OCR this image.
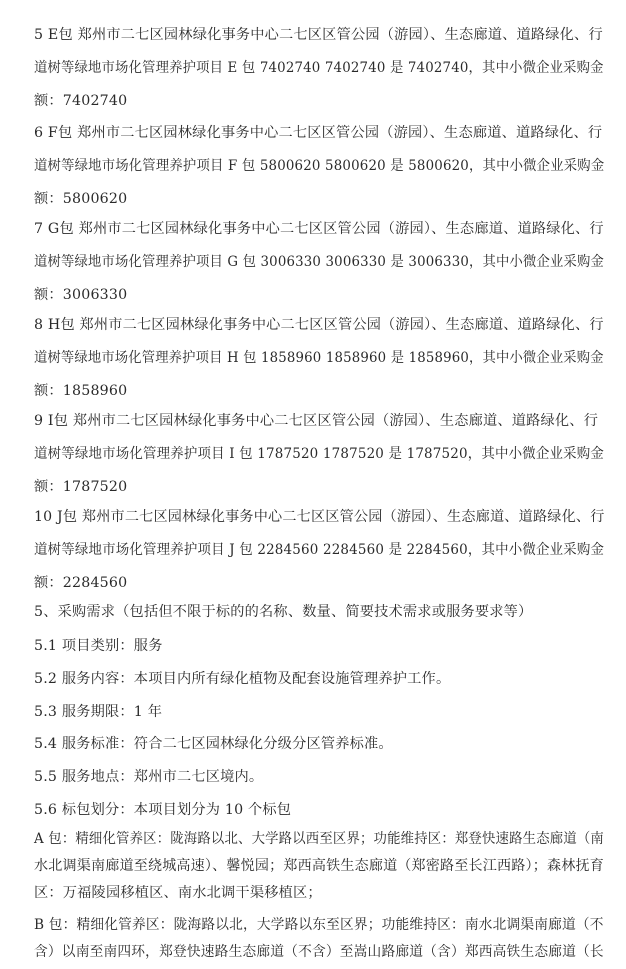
5 E包 郑州市二七区园林绿化事务中心二七区区管公园（游园）、生态廊道、道路绿化、行
道树等绿地市场化管理养护项目 E 包 7402740 7402740 是 7402740，其中小微企业采购金
额：7402740
6 F包 郑州市二七区园林绿化事务中心二七区区管公园（游园）、生态廊道、道路绿化、行
道树等绿地市场化管理养护项目 F 包 5800620 5800620 是 5800620，其中小微企业采购金
额：5800620
7 G包 郑州市二七区园林绿化事务中心二七区区管公园（游园）、生态廊道、道路绿化、行
道树等绿地市场化管理养护项目 G 包 3006330 3006330 是 3006330，其中小微企业采购金
额：3006330
8 H包 郑州市二七区园林绿化事务中心二七区区管公园（游园）、生态廊道、道路绿化、行
道树等绿地市场化管理养护项目 H 包 1858960 1858960 是 1858960，其中小微企业采购金
额：1858960
9 I包 郑州市二七区园林绿化事务中心二七区区管公园（游园）、生态廊道、道路绿化、行
道树等绿地市场化管理养护项目 I 包 1787520 1787520 是 1787520，其中小微企业采购金
额：1787520
10 J包 郑州市二七区园林绿化事务中心二七区区管公园（游园）、生态廊道、道路绿化、行
道树等绿地市场化管理养护项目 J 包 2284560 2284560 是 2284560，其中小微企业采购金
额：2284560
5、采购需求（包括但不限于标的的名称、数量、简要技术需求或服务要求等）
5.1 项目类别：服务
5.2 服务内容：本项目内所有绿化植物及配套设施管理养护工作。
5.3 服务期限：1 年
5.4 服务标准：符合二七区园林绿化分级分区管养标准。
5.5 服务地点：郑州市二七区境内。
5.6 标包划分：本项目划分为 10 个标包
A 包：精细化管养区：陇海路以北、大学路以西至区界；功能维持区：郑登快速路生态廊道（南
水北调渠南廊道至绕城高速）、馨悦园；郑西高铁生态廊道（郑密路至长江西路）；森林抚育
区：万福陵园移植区、南水北调干渠移植区；
B 包：精细化管养区：陇海路以北，大学路以东至区界；功能维持区：南水北调渠南廊道（不
含）以南至南四环，郑登快速路生态廊道（不含）至嵩山路廊道（含）郑西高铁生态廊道（长
